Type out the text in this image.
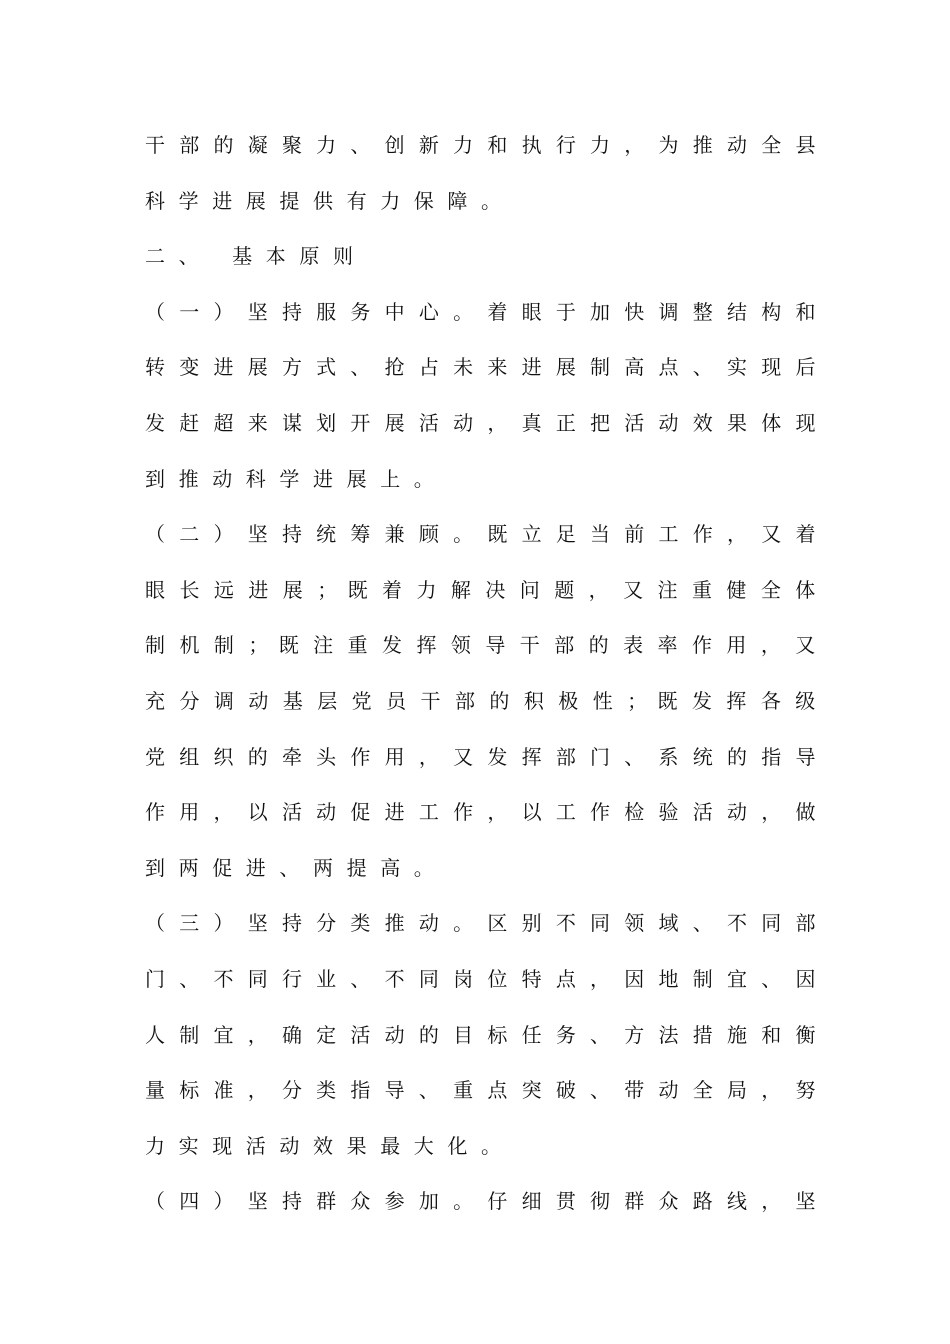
干 部 的 凝 聚 力 、 创 新 力 和 执 行 力 ， 为 推 动 全 县
科学进展提供有力保障。
二、 基本原则
（ 一 ） 坚 持 服 务 中 心 。 着 眼 于 加 快 调 整 结 构 和
转 变 进 展 方 式 、 抢 占 未 来 进 展 制 高 点 、 实 现 后
发 赶 超 来 谋 划 开 展 活 动 ， 真 正 把 活 动 效 果 体 现
到推动科学进展上。
（ 二 ） 坚 持 统 筹 兼 顾 。 既 立 足 当 前 工 作 ， 又 着
眼 长 远 进 展 ； 既 着 力 解 决 问 题 ， 又 注 重 健 全 体
制 机 制 ； 既 注 重 发 挥 领 导 干 部 的 表 率 作 用 ， 又
充 分 调 动 基 层 党 员 干 部 的 积 极 性 ； 既 发 挥 各 级
党 组 织 的 牵 头 作 用 ， 又 发 挥 部 门 、 系 统 的 指 导
作 用 ， 以 活 动 促 进 工 作 ， 以 工 作 检 验 活 动 ， 做
到两促进、两提高。
（ 三 ） 坚 持 分 类 推 动 。 区 别 不 同 领 域 、 不 同 部
门 、 不 同 行 业 、 不 同 岗 位 特 点 ， 因 地 制 宜 、 因
人 制 宜 ， 确 定 活 动 的 目 标 任 务 、 方 法 措 施 和 衡
量 标 准 ， 分 类 指 导 、 重 点 突 破 、 带 动 全 局 ， 努
力实现活动效果最大化。
（ 四 ） 坚 持 群 众 参 加 。 仔 细 贯 彻 群 众 路 线 ， 坚
